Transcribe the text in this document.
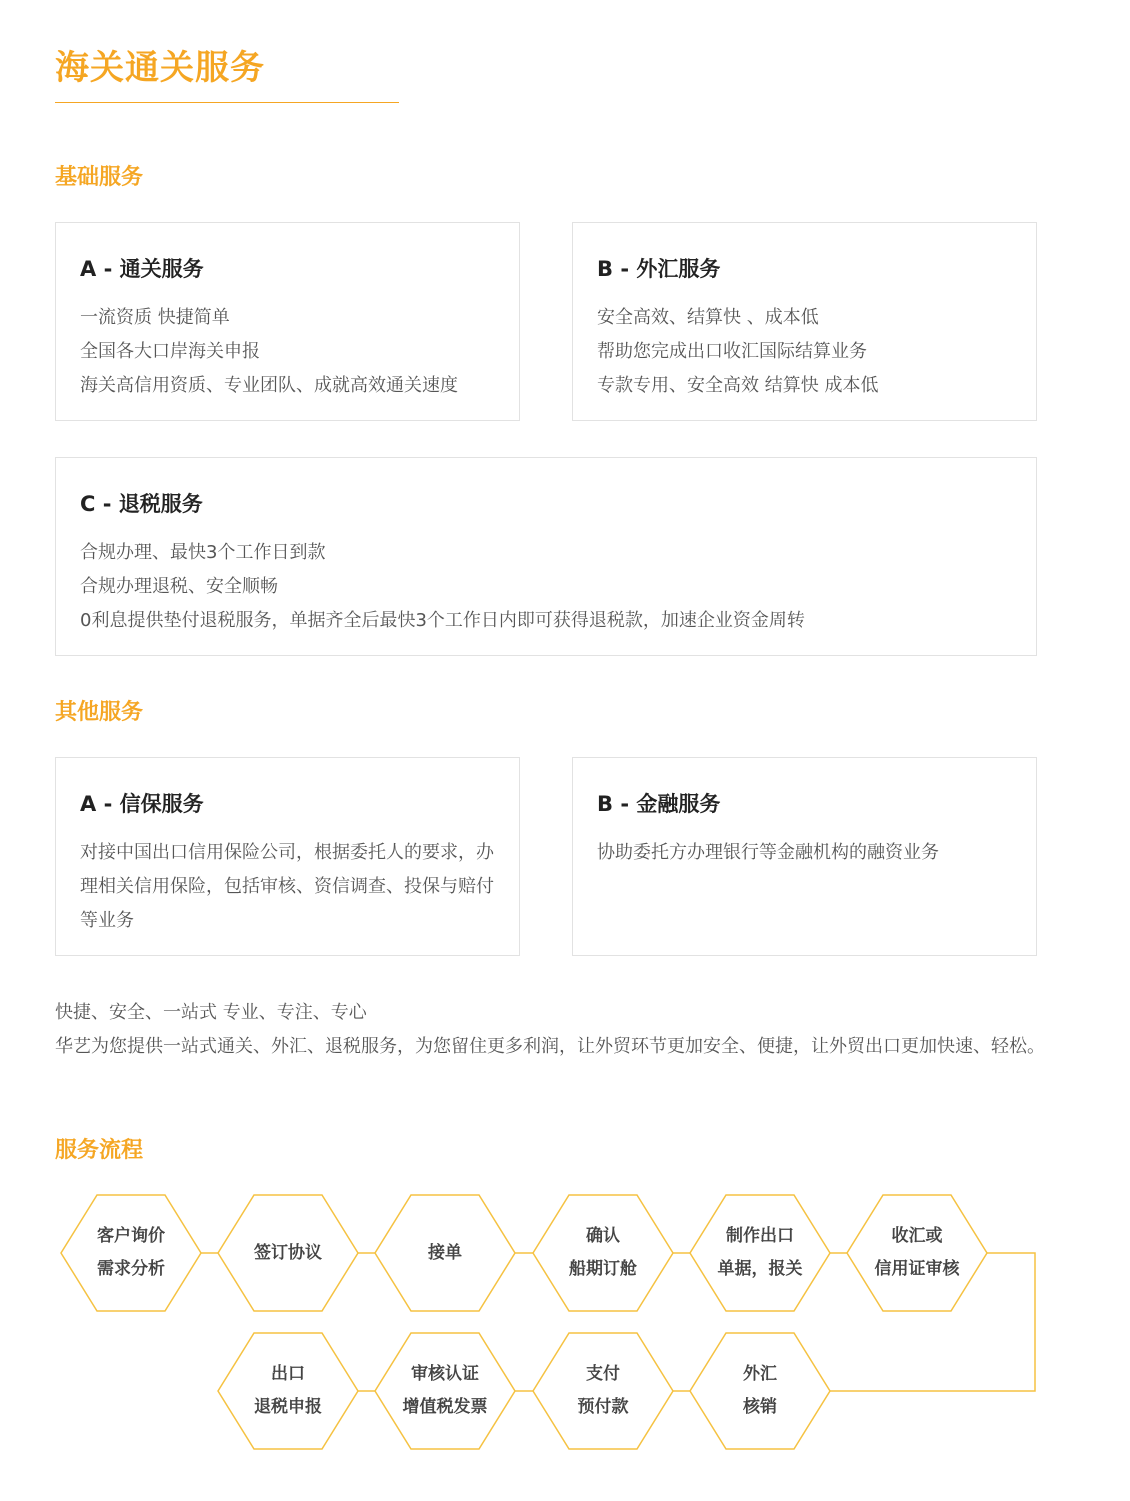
海关通关服务
基础服务
A - 通关服务
一流资质 快捷简单
全国各大口岸海关申报
海关高信用资质、专业团队、成就高效通关速度
B - 外汇服务
安全高效、结算快 、成本低
帮助您完成出口收汇国际结算业务
专款专用、安全高效 结算快 成本低
C - 退税服务
合规办理、最快3个工作日到款
合规办理退税、安全顺畅
0利息提供垫付退税服务，单据齐全后最快3个工作日内即可获得退税款，加速企业资金周转
其他服务
A - 信保服务
对接中国出口信用保险公司，根据委托人的要求，办理相关信用保险，包括审核、资信调查、投保与赔付等业务
B - 金融服务
协助委托方办理银行等金融机构的融资业务
快捷、安全、一站式 专业、专注、专心
华艺为您提供一站式通关、外汇、退税服务，为您留住更多利润，让外贸环节更加安全、便捷，让外贸出口更加快速、轻松。
服务流程
客户询价
需求分析
签订协议	接单
确认
船期订舱
制作出口
单据，报关
收汇或
信用证审核
出口
退税申报
审核认证
增值税发票
支付
预付款
外汇
核销
